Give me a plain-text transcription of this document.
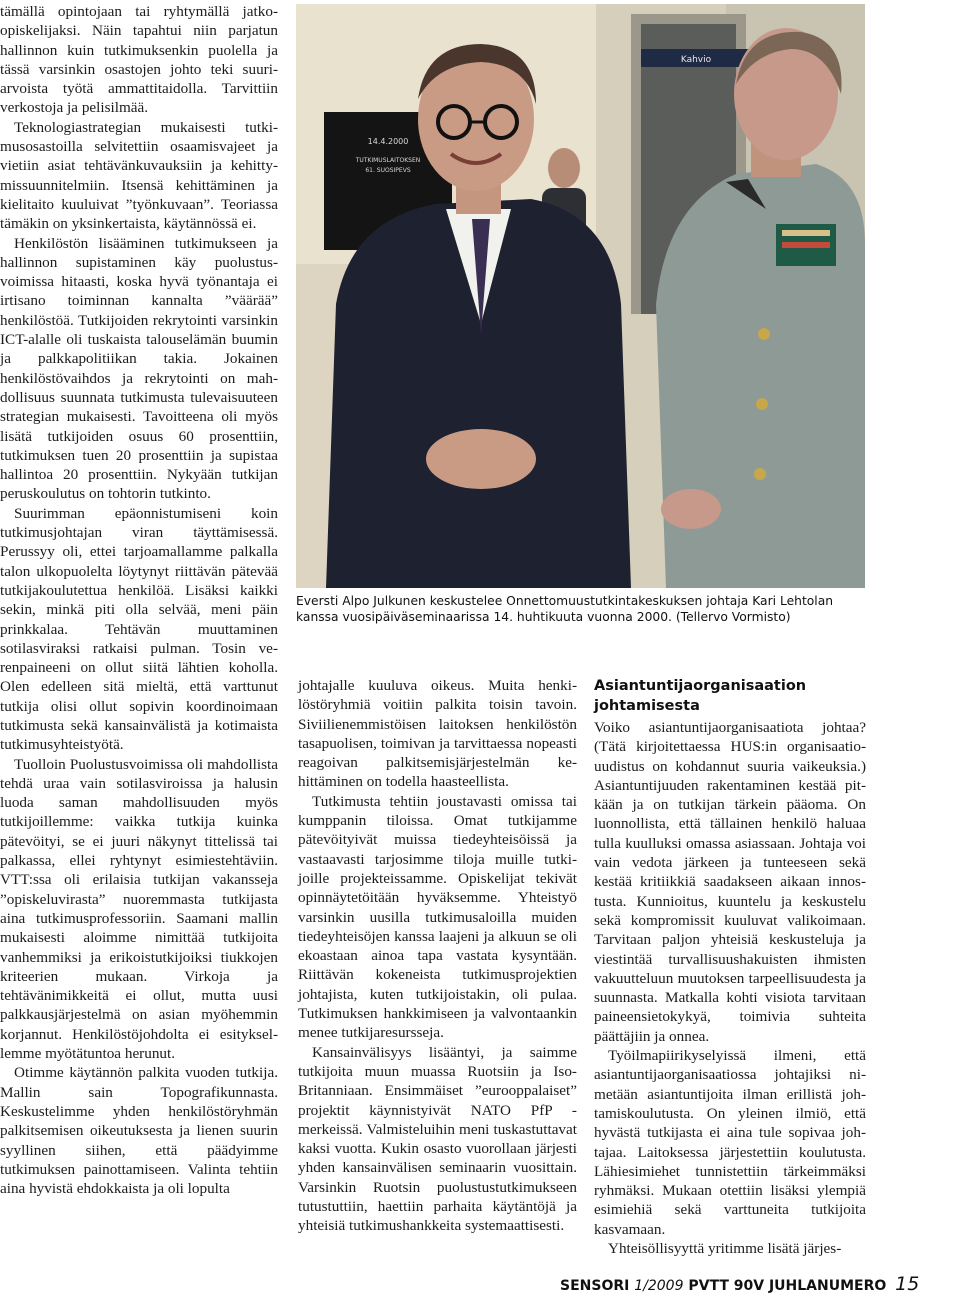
tämällä opintojaan tai ryhtymällä jatkoopiskelijaksi. Näin tapahtui niin parjatun hallinnon kuin tutkimuksenkin puolella ja tässä varsinkin osastojen johto teki suuriarvoista työtä ammattitaidolla. Tarvittiin verkostoja ja pelisilmää.

Teknologiastrategian mukaisesti tutkimusosastoilla selvitettiin osaamisvajeet ja vietiin asiat tehtävänkuvauksiin ja kehittymissuunnitelmiin. Itsensä kehittäminen ja kielitaito kuuluivat ”työnkuvaan”. Teoriassa tämäkin on yksinkertaista, käytännössä ei.

Henkilöstön lisääminen tutkimukseen ja hallinnon supistaminen käy puolustusvoimissa hitaasti, koska hyvä työnantaja ei irtisano toiminnan kannalta ”väärää” henkilöstöä. Tutkijoiden rekrytointi varsinkin ICT-alalle oli tuskaista talouselämän buumin ja palkkapolitiikan takia. Jokainen henkilöstövaihdos ja rekrytointi on mahdollisuus suunnata tutkimusta tulevaisuuteen strategian mukaisesti. Tavoitteena oli myös lisätä tutkijoiden osuus 60 prosenttiin, tutkimuksen tuen 20 prosenttiin ja supistaa hallintoa 20 prosenttiin. Nykyään tutkijan peruskoulutus on tohtorin tutkinto.

Suurimman epäonnistumiseni koin tutkimusjohtajan viran täyttämisessä. Perussyy oli, ettei tarjoamallamme palkalla talon ulkopuolelta löytynyt riittävän pätevää tutkijakoulutettua henkilöä. Lisäksi kaikki sekin, minkä piti olla selvää, meni päin prinkkalaa. Tehtävän muuttaminen sotilasviraksi ratkaisi pulman. Tosin verenpaineeni on ollut siitä lähtien koholla. Olen edelleen sitä mieltä, että varttunut tutkija olisi ollut sopivin koordinoimaan tutkimusta sekä kansainvälistä ja kotimaista tutkimusyhteistyötä.

Tuolloin Puolustusvoimissa oli mahdollista tehdä uraa vain sotilasviroissa ja halusin luoda saman mahdollisuuden myös tutkijoillemme: vaikka tutkija kuinka pätevöityi, se ei juuri näkynyt tittelissä tai palkassa, ellei ryhtynyt esimiestehtäviin. VTT:ssa oli erilaisia tutkijan vakansseja ”opiskeluvirasta” nuoremmasta tutkijasta aina tutkimusprofessoriin. Saamani mallin mukaisesti aloimme nimittää tutkijoita vanhemmiksi ja erikoistutkijoiksi tiukkojen kriteerien mukaan. Virkoja ja tehtävänimikkeitä ei ollut, mutta uusi palkkausjärjestelmä on asian myöhemmin korjannut. Henkilöstöjohdolta ei esityksellemme myötätuntoa herunut.

Otimme käytännön palkita vuoden tutkija. Mallin sain Topografikunnasta. Keskustelimme yhden henkilöstöryhmän palkitsemisen oikeutuksesta ja lienen suurin syyllinen siihen, että päädyimme tutkimuksen painottamiseen. Valinta tehtiin aina hyvistä ehdokkaista ja oli lopulta

Kahvio
14.4.2000
TUTKIMUSLAITOKSEN
61. SUOSIPEVS
Eversti Alpo Julkunen keskustelee Onnettomuustutkintakeskuksen johtaja Kari Lehtolan kanssa vuosipäiväseminaarissa 14. huhtikuuta vuonna 2000. (Tellervo Vormisto)

johtajalle kuuluva oikeus. Muita henkilöstöryhmiä voitiin palkita toisin tavoin. Siviilienemmistöisen laitoksen henkilöstön tasapuolisen, toimivan ja tarvittaessa nopeasti reagoivan palkitsemisjärjestelmän kehittäminen on todella haasteellista.

Tutkimusta tehtiin joustavasti omissa tai kumppanin tiloissa. Omat tutkijamme pätevöityivät muissa tiedeyhteisöissä ja vastaavasti tarjosimme tiloja muille tutkijoille projekteissamme. Opiskelijat tekivät opinnäytetöitään hyväksemme. Yhteistyö varsinkin uusilla tutkimusaloilla muiden tiedeyhteisöjen kanssa laajeni ja alkuun se oli ekoastaan ainoa tapa vastata kysyntään. Riittävän kokeneista tutkimusprojektien johtajista, kuten tutkijoistakin, oli pulaa. Tutkimuksen hankkimiseen ja valvontaankin menee tutkijaresursseja.

Kansainvälisyys lisääntyi, ja saimme tutkijoita muun muassa Ruotsiin ja Iso-Britanniaan. Ensimmäiset ”eurooppalaiset” projektit käynnistyivät NATO PfP -merkeissä. Valmisteluihin meni tuskastuttavat kaksi vuotta. Kukin osasto vuorollaan järjesti yhden kansainvälisen seminaarin vuosittain. Varsinkin Ruotsin puolustustutkimukseen tutustuttiin, haettiin parhaita käytäntöjä ja yhteisiä tutkimushankkeita systemaattisesti.

Asiantuntijaorganisaation johtamisesta

Voiko asiantuntijaorganisaatiota johtaa? (Tätä kirjoitettaessa HUS:in organisaatiouudistus on kohdannut suuria vaikeuksia.) Asiantuntijuuden rakentaminen kestää pitkään ja on tutkijan tärkein pääoma. On luonnollista, että tällainen henkilö haluaa tulla kuulluksi omassa asiassaan. Johtaja voi vain vedota järkeen ja tunteeseen sekä kestää kritiikkiä saadakseen aikaan innostusta. Kunnioitus, kuuntelu ja keskustelu sekä kompromissit kuuluvat valikoimaan. Tarvitaan paljon yhteisiä keskusteluja ja viestintää turvallisuushakuisten ihmisten vakuutteluun muutoksen tarpeellisuudesta ja suunnasta. Matkalla kohti visiota tarvitaan paineensietokykyä, toimivia suhteita päättäjiin ja onnea.

Työilmapiirikyselyissä ilmeni, että asiantuntijaorganisaatiossa johtajiksi nimetään asiantuntijoita ilman erillistä johtamiskoulutusta. On yleinen ilmiö, että hyvästä tutkijasta ei aina tule sopivaa johtajaa. Laitoksessa järjestettiin koulutusta. Lähiesimiehet tunnistettiin tärkeimmäksi ryhmäksi. Mukaan otettiin lisäksi ylempiä esimiehiä sekä varttuneita tutkijoita kasvamaan.

Yhteisöllisyyttä yritimme lisätä järjes-

SENSORI 1/2009 PVTT 90V JUHLANUMERO 15
